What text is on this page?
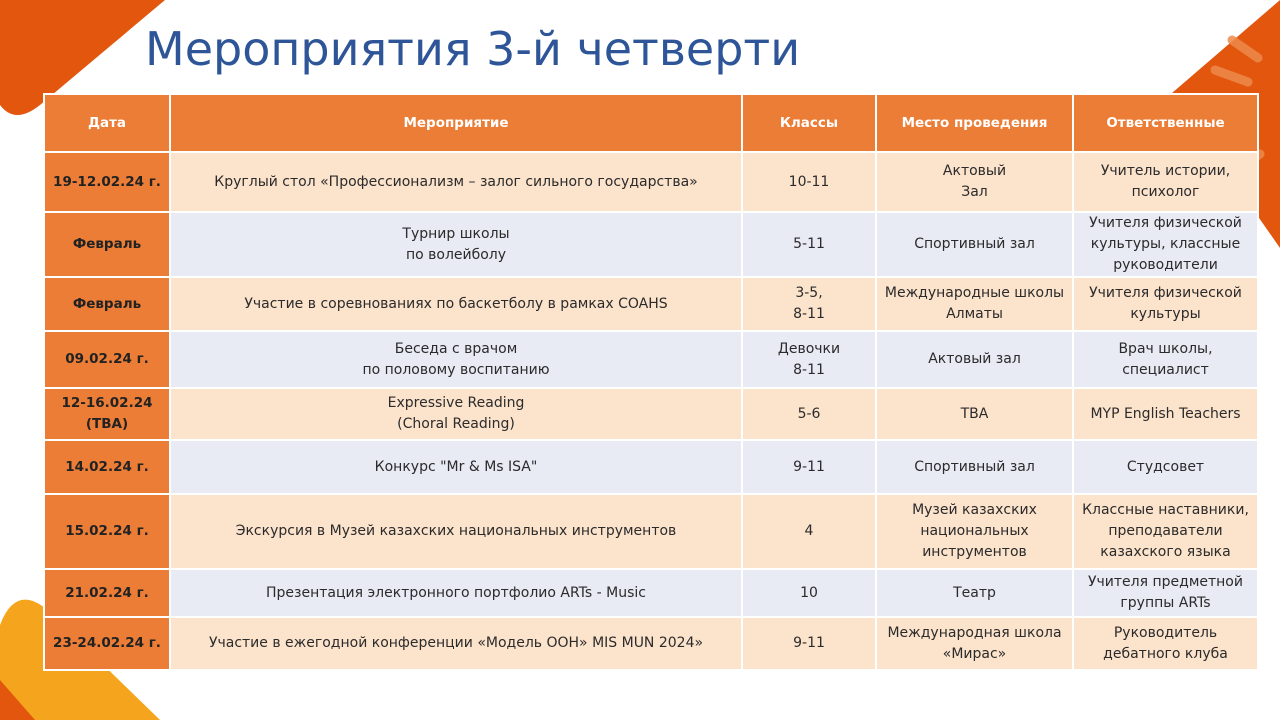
Мероприятия 3-й четверти
Дата	Мероприятие	Классы	Место проведения	Ответственные
19-12.02.24 г.	Круглый стол «Профессионализм – залог сильного государства»	10-11	Актовый
Зал	Учитель истории,
психолог
Февраль	Турнир школы
по волейболу	5-11	Спортивный зал	Учителя физической
культуры, классные
руководители
Февраль	Участие в соревнованиях по баскетболу в рамках COAHS	3-5,
8-11	Международные школы
Алматы	Учителя физической
культуры
09.02.24 г.	Беседа с врачом
по половому воспитанию	Девочки
8-11	Актовый зал	Врач школы,
специалист
12-16.02.24
(TBA)	Expressive Reading
(Choral Reading)	5-6	TBA	MYP English Teachers
14.02.24 г.	Конкурс "Mr & Ms ISA"	9-11	Спортивный зал	Студсовет
15.02.24 г.	Экскурсия в Музей казахских национальных инструментов	4	Музей казахских
национальных
инструментов	Классные наставники,
преподаватели
казахского языка
21.02.24 г.	Презентация электронного портфолио ARTs - Music	10	Театр	Учителя предметной
группы ARTs
23-24.02.24 г.	Участие в ежегодной конференции «Модель ООН» MIS MUN 2024»	9-11	Международная школа
«Мирас»	Руководитель
дебатного клуба
